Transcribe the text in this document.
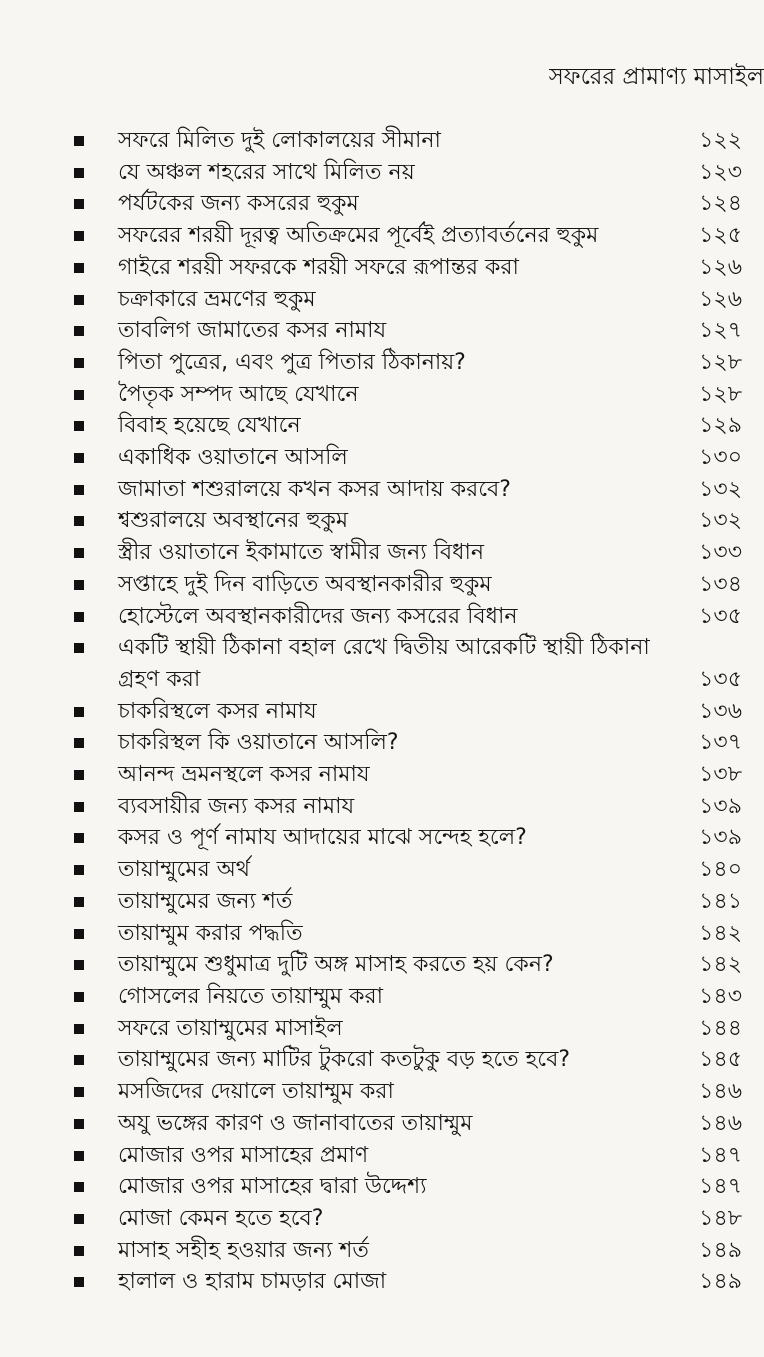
সফরের প্রামাণ্য মাসাইল
সফরে মিলিত দুই লোকালয়ের সীমানা	১২২
যে অঞ্চল শহরের সাথে মিলিত নয়	১২৩
পর্যটকের জন্য কসরের হুকুম	১২৪
সফরের শরয়ী দূরত্ব অতিক্রমের পূর্বেই প্রত্যাবর্তনের হুকুম	১২৫
গাইরে শরয়ী সফরকে শরয়ী সফরে রূপান্তর করা	১২৬
চক্রাকারে ভ্রমণের হুকুম	১২৬
তাবলিগ জামাতের কসর নামায	১২৭
পিতা পুত্রের, এবং পুত্র পিতার ঠিকানায়?	১২৮
পৈতৃক সম্পদ আছে যেখানে	১২৮
বিবাহ হয়েছে যেখানে	১২৯
একাধিক ওয়াতানে আসলি	১৩০
জামাতা শশুরালয়ে কখন কসর আদায় করবে?	১৩২
শ্বশুরালয়ে অবস্থানের হুকুম	১৩২
স্ত্রীর ওয়াতানে ইকামাতে স্বামীর জন্য বিধান	১৩৩
সপ্তাহে দুই দিন বাড়িতে অবস্থানকারীর হুকুম	১৩৪
হোস্টেলে অবস্থানকারীদের জন্য কসরের বিধান	১৩৫
একটি স্থায়ী ঠিকানা বহাল রেখে দ্বিতীয় আরেকটি স্থায়ী ঠিকানা গ্রহণ করা	১৩৫
চাকরিস্থলে কসর নামায	১৩৬
চাকরিস্থল কি ওয়াতানে আসলি?	১৩৭
আনন্দ ভ্রমনস্থলে কসর নামায	১৩৮
ব্যবসায়ীর জন্য কসর নামায	১৩৯
কসর ও পূর্ণ নামায আদায়ের মাঝে সন্দেহ হলে?	১৩৯
তায়াম্মুমের অর্থ	১৪০
তায়াম্মুমের জন্য শর্ত	১৪১
তায়াম্মুম করার পদ্ধতি	১৪২
তায়াম্মুমে শুধুমাত্র দুটি অঙ্গ মাসাহ করতে হয় কেন?	১৪২
গোসলের নিয়তে তায়াম্মুম করা	১৪৩
সফরে তায়াম্মুমের মাসাইল	১৪৪
তায়াম্মুমের জন্য মাটির টুকরো কতটুকু বড় হতে হবে?	১৪৫
মসজিদের দেয়ালে তায়াম্মুম করা	১৪৬
অযু ভঙ্গের কারণ ও জানাবাতের তায়াম্মুম	১৪৬
মোজার ওপর মাসাহের প্রমাণ	১৪৭
মোজার ওপর মাসাহের দ্বারা উদ্দেশ্য	১৪৭
মোজা কেমন হতে হবে?	১৪৮
মাসাহ সহীহ হওয়ার জন্য শর্ত	১৪৯
হালাল ও হারাম চামড়ার মোজা	১৪৯
